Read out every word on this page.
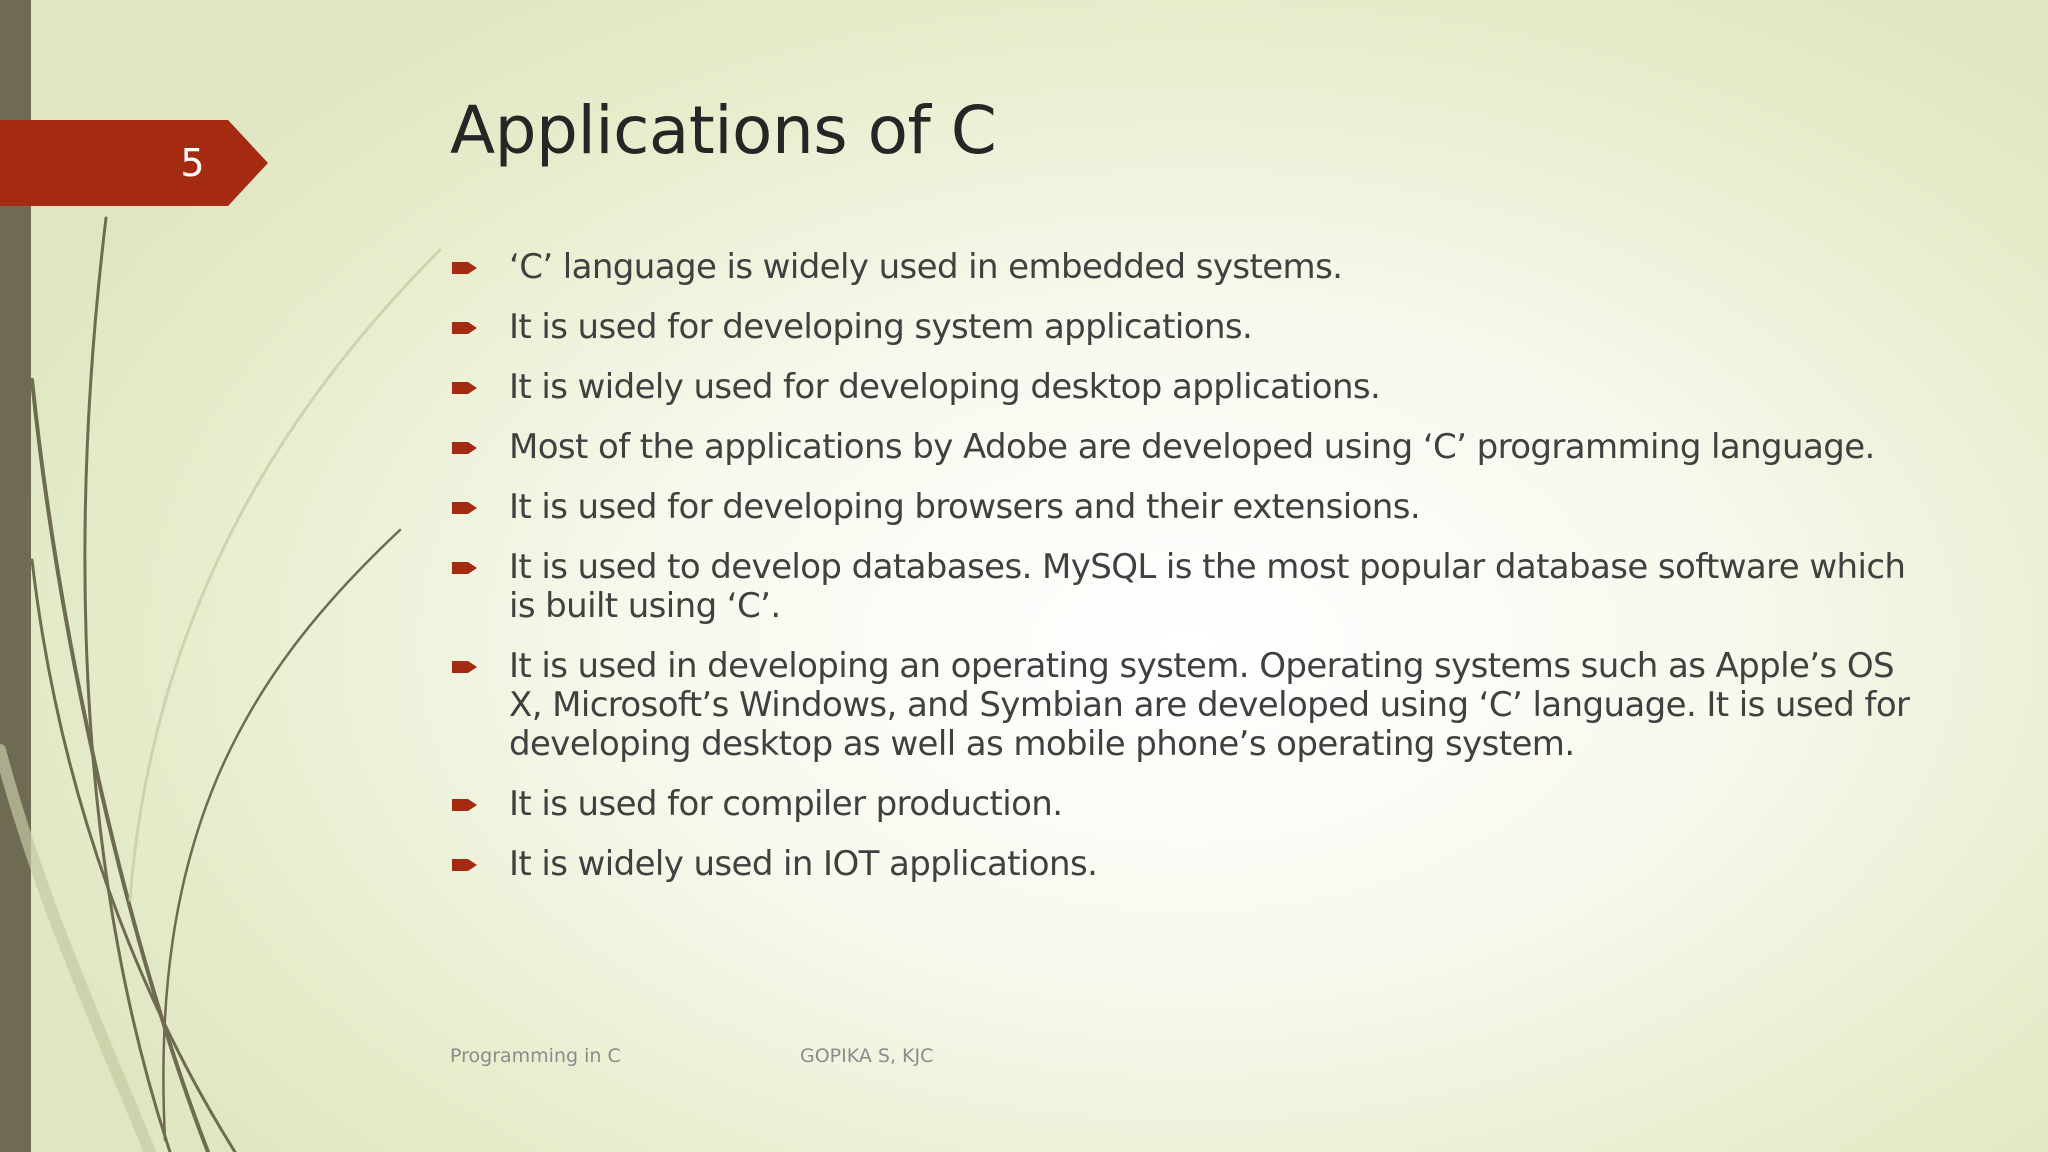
5	Applications of C
‘C’ language is widely used in embedded systems.
It is used for developing system applications.
It is widely used for developing desktop applications.
Most of the applications by Adobe are developed using ‘C’ programming language.
It is used for developing browsers and their extensions.
It is used to develop databases. MySQL is the most popular database software which is built using ‘C’.
It is used in developing an operating system. Operating systems such as Apple’s OS X, Microsoft’s Windows, and Symbian are developed using ‘C’ language. It is used for developing desktop as well as mobile phone’s operating system.
It is used for compiler production.
It is widely used in IOT applications.
Programming in C	GOPIKA S, KJC
